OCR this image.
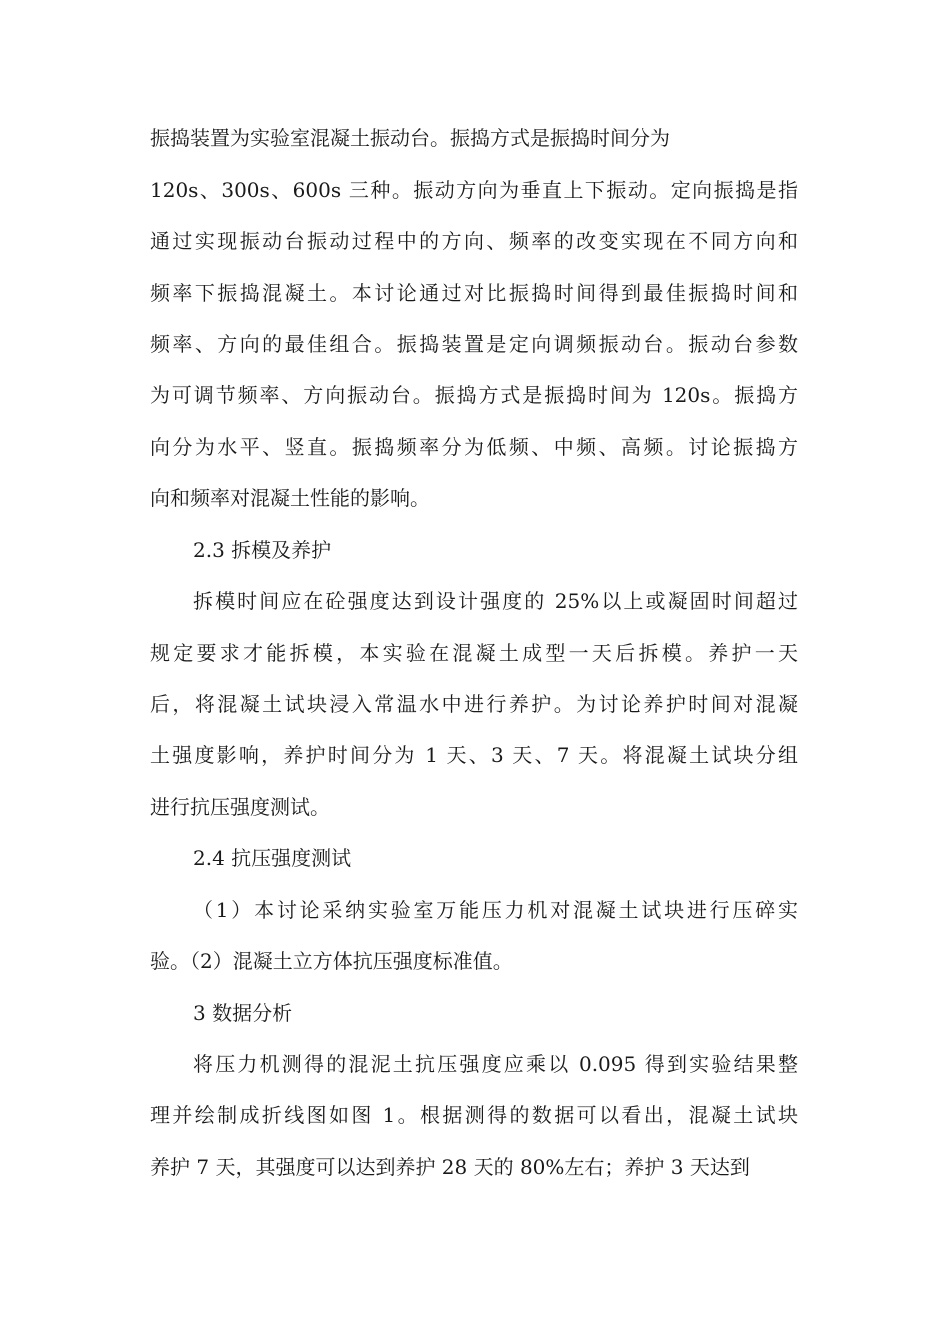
振捣装置为实验室混凝土振动台。振捣方式是振捣时间分为
120s、300s、600s 三种。振动方向为垂直上下振动。定向振捣是指
通过实现振动台振动过程中的方向、频率的改变实现在不同方向和
频率下振捣混凝土。本讨论通过对比振捣时间得到最佳振捣时间和
频率、方向的最佳组合。振捣装置是定向调频振动台。振动台参数
为可调节频率、方向振动台。振捣方式是振捣时间为 120s。振捣方
向分为水平、竖直。振捣频率分为低频、中频、高频。讨论振捣方
向和频率对混凝土性能的影响。
2.3 拆模及养护
拆模时间应在砼强度达到设计强度的 25%以上或凝固时间超过
规定要求才能拆模，本实验在混凝土成型一天后拆模。养护一天
后，将混凝土试块浸入常温水中进行养护。为讨论养护时间对混凝
土强度影响，养护时间分为 1 天、3 天、7 天。将混凝土试块分组
进行抗压强度测试。
2.4 抗压强度测试
（1）本讨论采纳实验室万能压力机对混凝土试块进行压碎实
验。（2）混凝土立方体抗压强度标准值。
3 数据分析
将压力机测得的混泥土抗压强度应乘以 0.095 得到实验结果整
理并绘制成折线图如图 1。根据测得的数据可以看出，混凝土试块
养护 7 天，其强度可以达到养护 28 天的 80%左右；养护 3 天达到
